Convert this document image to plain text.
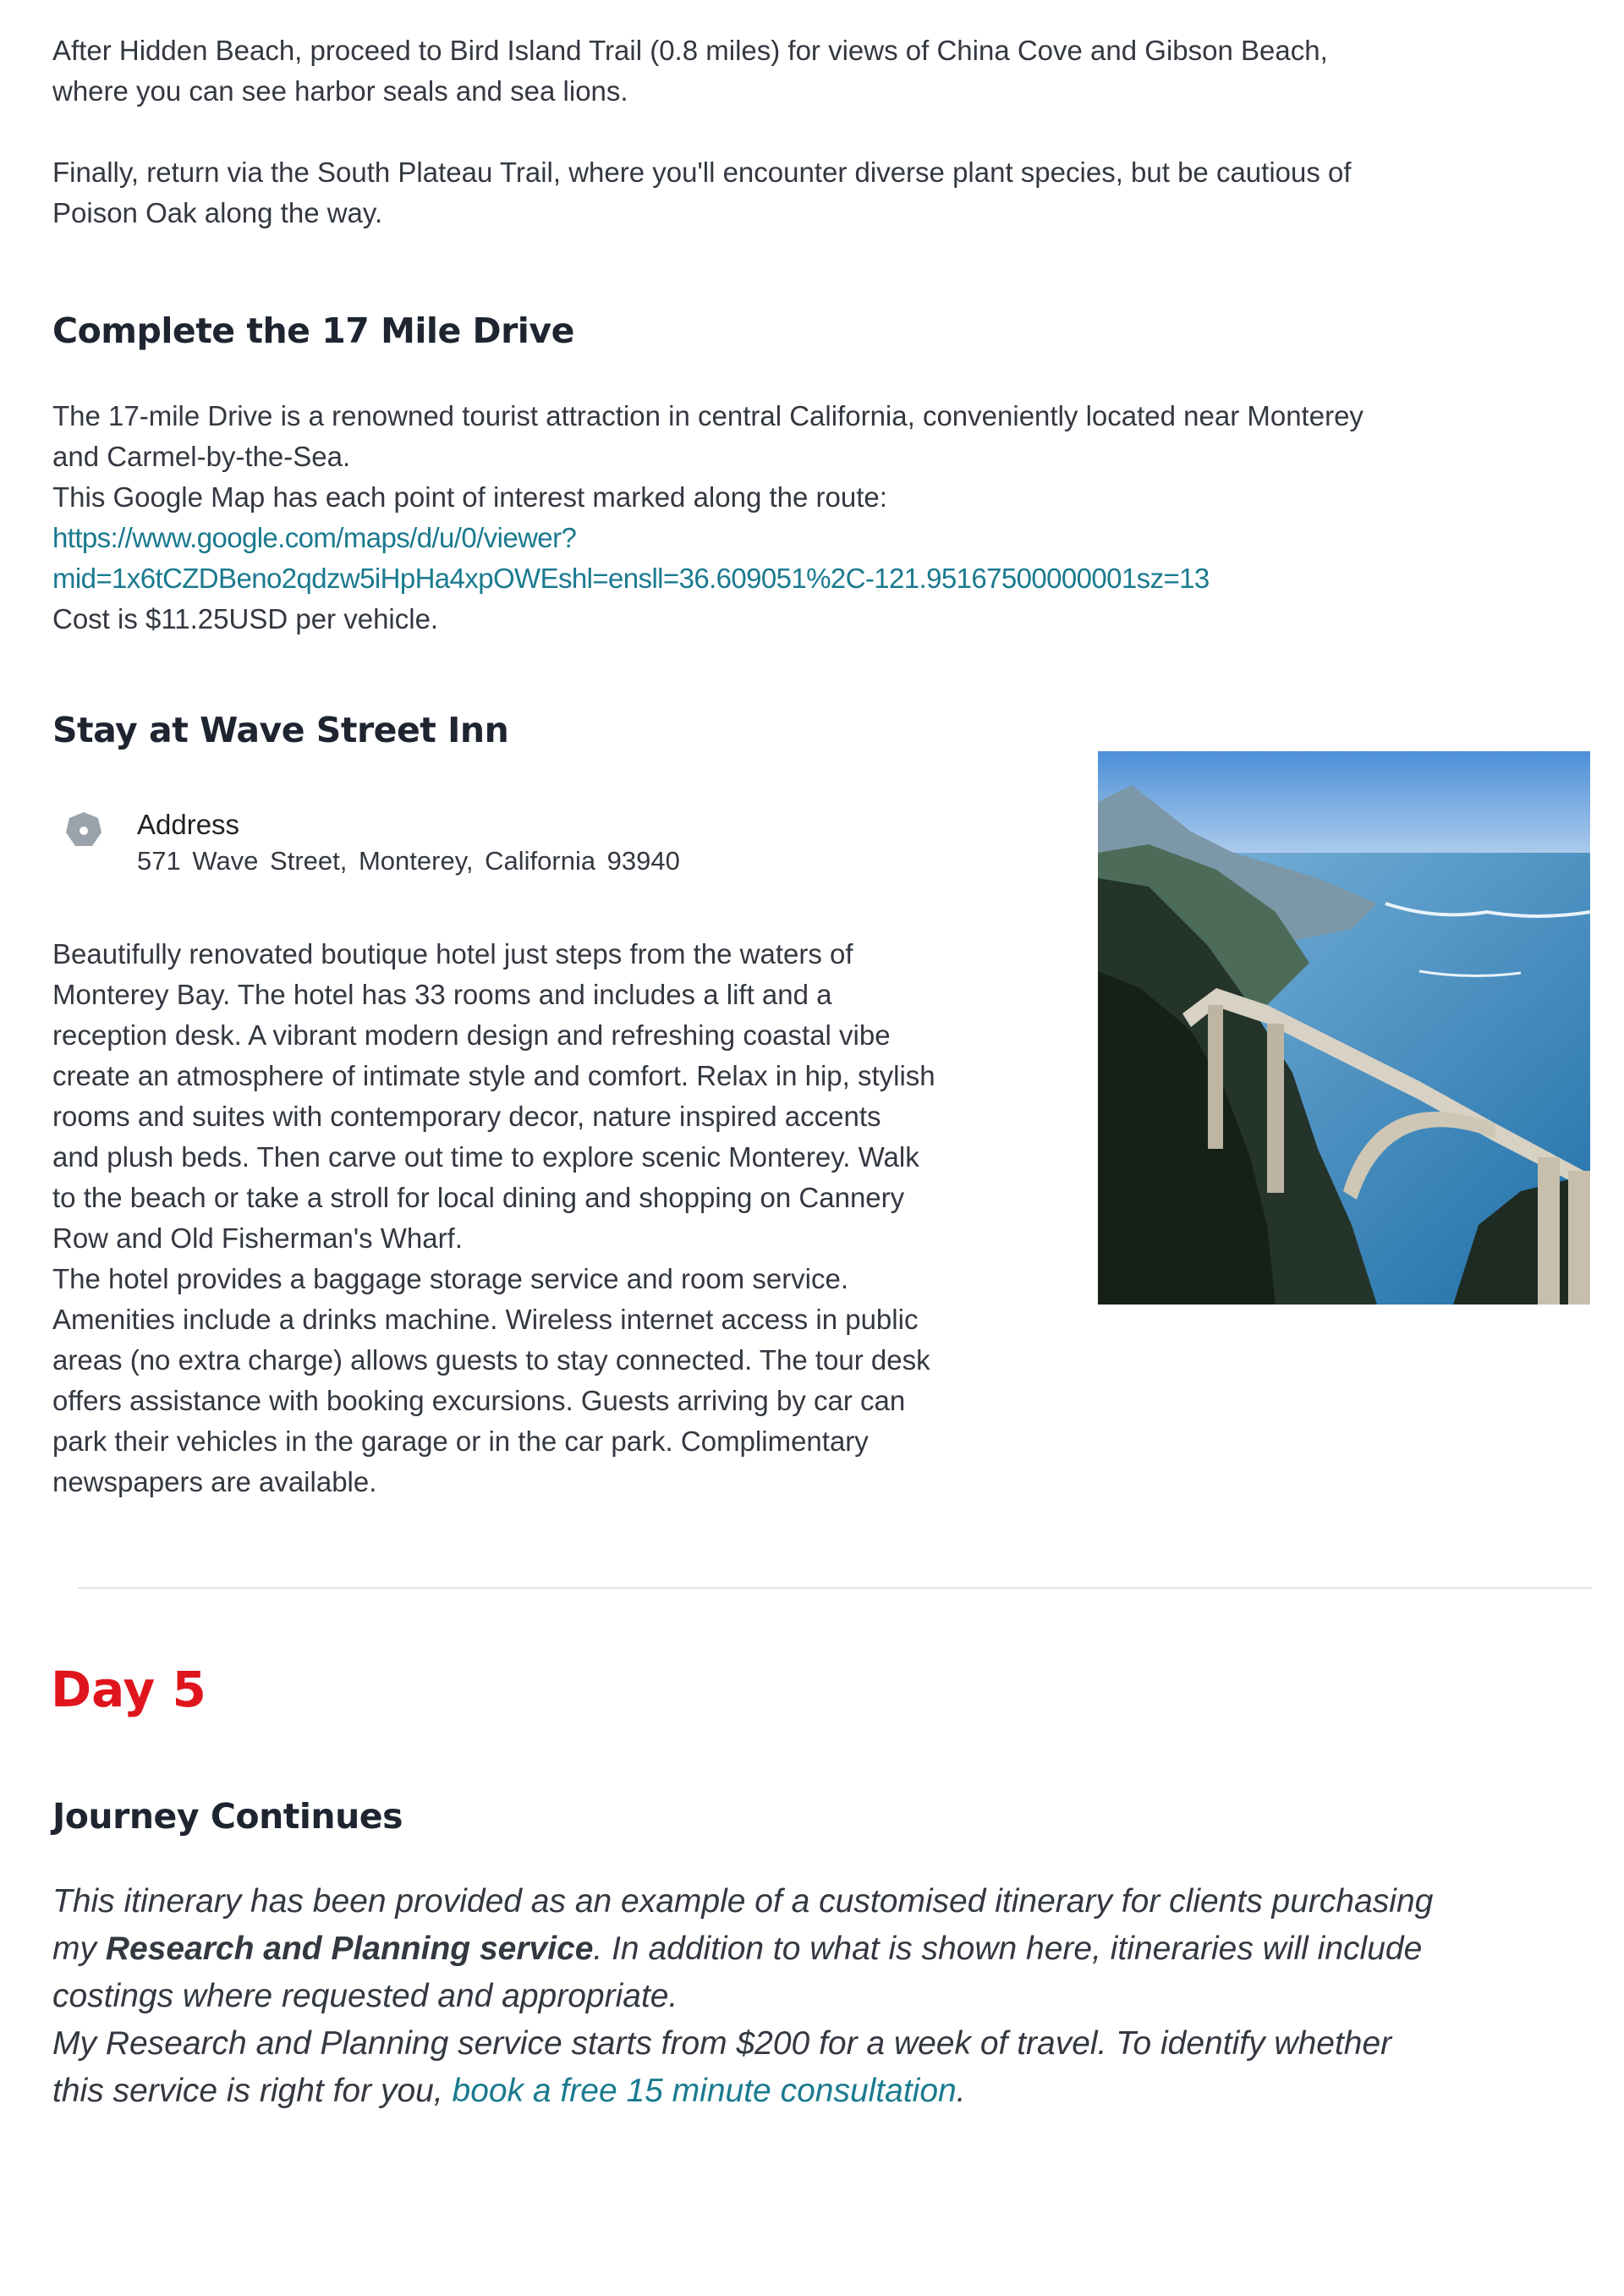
After Hidden Beach, proceed to Bird Island Trail (0.8 miles) for views of China Cove and Gibson Beach,
where you can see harbor seals and sea lions.
Finally, return via the South Plateau Trail, where you'll encounter diverse plant species, but be cautious of
Poison Oak along the way.
Complete the 17 Mile Drive
The 17-mile Drive is a renowned tourist attraction in central California, conveniently located near Monterey
and Carmel-by-the-Sea.
This Google Map has each point of interest marked along the route:
https://www.google.com/maps/d/u/0/viewer?
mid=1x6tCZDBeno2qdzw5iHpHa4xpOWEshl=ensll=36.609051%2C-121.95167500000001sz=13
Cost is $11.25USD per vehicle.
Stay at Wave Street Inn

Address

571 Wave Street, Monterey, California 93940

Beautifully renovated boutique hotel just steps from the waters of
Monterey Bay. The hotel has 33 rooms and includes a lift and a
reception desk. A vibrant modern design and refreshing coastal vibe
create an atmosphere of intimate style and comfort. Relax in hip, stylish
rooms and suites with contemporary decor, nature inspired accents
and plush beds. Then carve out time to explore scenic Monterey. Walk
to the beach or take a stroll for local dining and shopping on Cannery
Row and Old Fisherman's Wharf.
The hotel provides a baggage storage service and room service.
Amenities include a drinks machine. Wireless internet access in public
areas (no extra charge) allows guests to stay connected. The tour desk
offers assistance with booking excursions. Guests arriving by car can
park their vehicles in the garage or in the car park. Complimentary
newspapers are available.
Day 5
Journey Continues

This itinerary has been provided as an example of a customised itinerary for clients purchasing
my Research and Planning service. In addition to what is shown here, itineraries will include
costings where requested and appropriate.
My Research and Planning service starts from $200 for a week of travel. To identify whether
this service is right for you, book a free 15 minute consultation.
